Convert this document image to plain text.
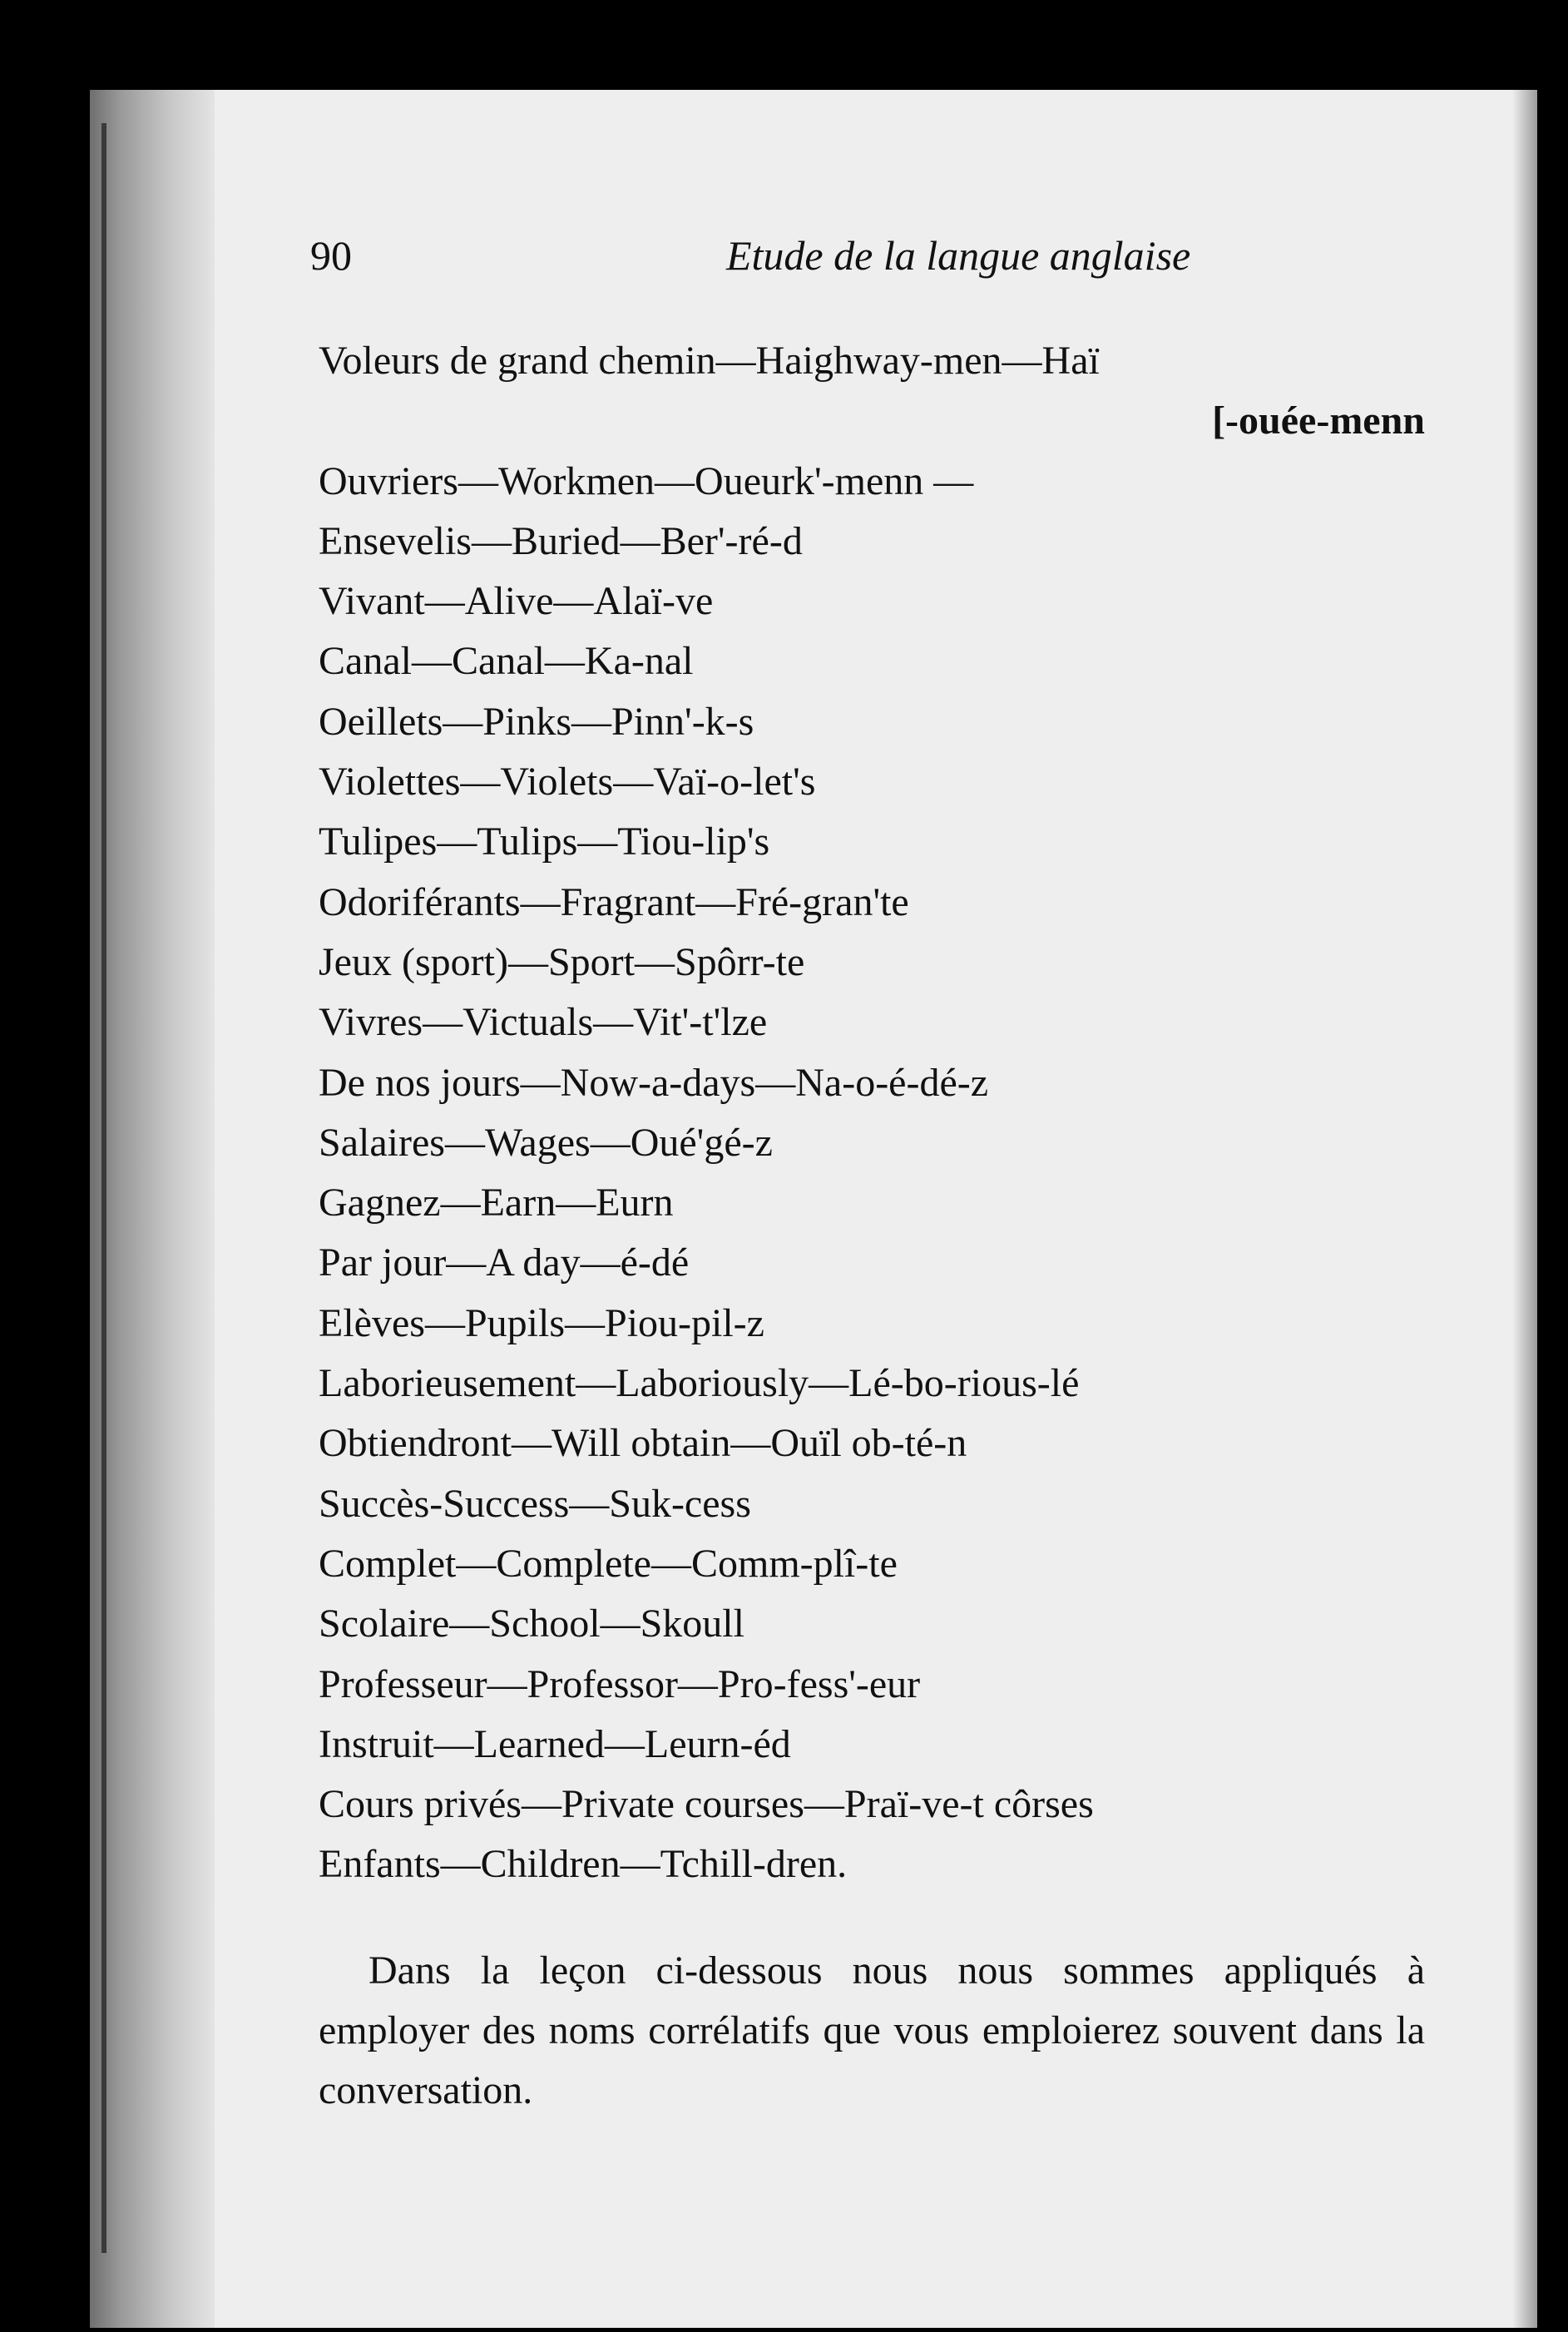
90	Etude de la langue anglaise
Voleurs de grand chemin—Haighway-men—Haï
[-ouée-menn
Ouvriers—Workmen—Oueurk'-menn —
Ensevelis—Buried—Ber'-ré-d
Vivant—Alive—Alaï-ve
Canal—Canal—Ka-nal
Oeillets—Pinks—Pinn'-k-s
Violettes—Violets—Vaï-o-let's
Tulipes—Tulips—Tiou-lip's
Odoriférants—Fragrant—Fré-gran'te
Jeux (sport)—Sport—Spôrr-te
Vivres—Victuals—Vit'-t'lze
De nos jours—Now-a-days—Na-o-é-dé-z
Salaires—Wages—Oué'gé-z
Gagnez—Earn—Eurn
Par jour—A day—é-dé
Elèves—Pupils—Piou-pil-z
Laborieusement—Laboriously—Lé-bo-rious-lé
Obtiendront—Will obtain—Ouïl ob-té-n
Succès-Success—Suk-cess
Complet—Complete—Comm-plî-te
Scolaire—School—Skoull
Professeur—Professor—Pro-fess'-eur
Instruit—Learned—Leurn-éd
Cours privés—Private courses—Praï-ve-t côrses
Enfants—Children—Tchill-dren.

Dans la leçon ci-dessous nous nous sommes appliqués à employer des noms corrélatifs que vous emploierez souvent dans la conversation.
